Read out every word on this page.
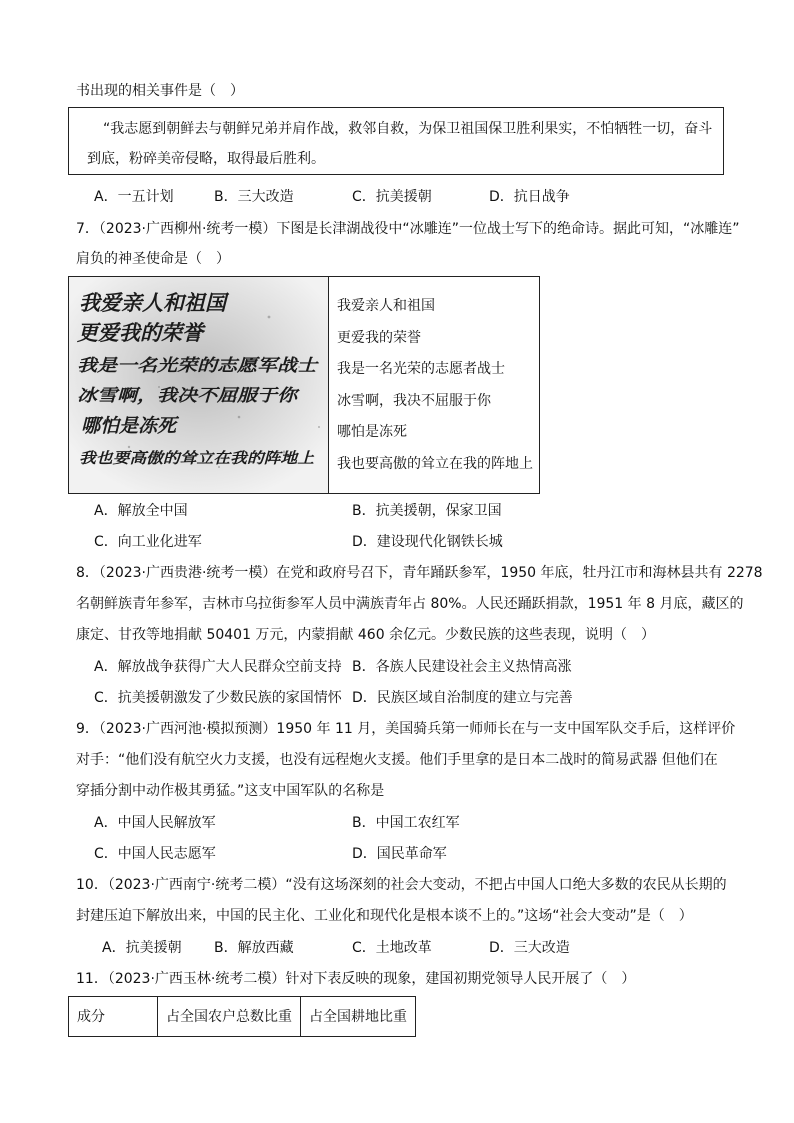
书出现的相关事件是（　）
“我志愿到朝鲜去与朝鲜兄弟并肩作战，救邻自救，为保卫祖国保卫胜利果实，不怕牺牲一切，奋斗
到底，粉碎美帝侵略，取得最后胜利。
A．一五计划	B．三大改造	C．抗美援朝	D．抗日战争
7．（2023·广西柳州·统考一模）下图是长津湖战役中“冰雕连”一位战士写下的绝命诗。据此可知，“冰雕连”
肩负的神圣使命是（　）
我爱亲人和祖国
更爱我的荣誉
我是一名光荣的志愿军战士
冰雪啊，我决不屈服于你
哪怕是冻死
我也要高傲的耸立在我的阵地上
我爱亲人和祖国
更爱我的荣誉
我是一名光荣的志愿者战士
冰雪啊，我决不屈服于你
哪怕是冻死
我也要高傲的耸立在我的阵地上
A．解放全中国	B．抗美援朝，保家卫国
C．向工业化进军	D．建设现代化钢铁长城
8．（2023·广西贵港·统考一模）在党和政府号召下，青年踊跃参军，1950 年底，牡丹江市和海林县共有 2278
名朝鲜族青年参军，吉林市乌拉街参军人员中满族青年占 80%。人民还踊跃捐款，1951 年 8 月底，藏区的
康定、甘孜等地捐献 50401 万元，内蒙捐献 460 余亿元。少数民族的这些表现，说明（　）
A．解放战争获得广大人民群众空前支持 B．各族人民建设社会主义热情高涨
C．抗美援朝激发了少数民族的家国情怀 D．民族区域自治制度的建立与完善
9．（2023·广西河池·模拟预测）1950 年 11 月，美国骑兵第一师师长在与一支中国军队交手后，这样评价
对手：“他们没有航空火力支援，也没有远程炮火支援。他们手里拿的是日本二战时的简易武器 但他们在
穿插分割中动作极其勇猛。”这支中国军队的名称是
A．中国人民解放军	B．中国工农红军
C．中国人民志愿军	D．国民革命军
10．（2023·广西南宁·统考二模）“没有这场深刻的社会大变动，不把占中国人口绝大多数的农民从长期的
封建压迫下解放出来，中国的民主化、工业化和现代化是根本谈不上的。”这场“社会大变动”是（　）
A．抗美援朝 B．解放西藏	C．土地改革	D．三大改造
11．（2023·广西玉林·统考二模）针对下表反映的现象，建国初期党领导人民开展了（　）
成分	占全国农户总数比重	占全国耕地比重
